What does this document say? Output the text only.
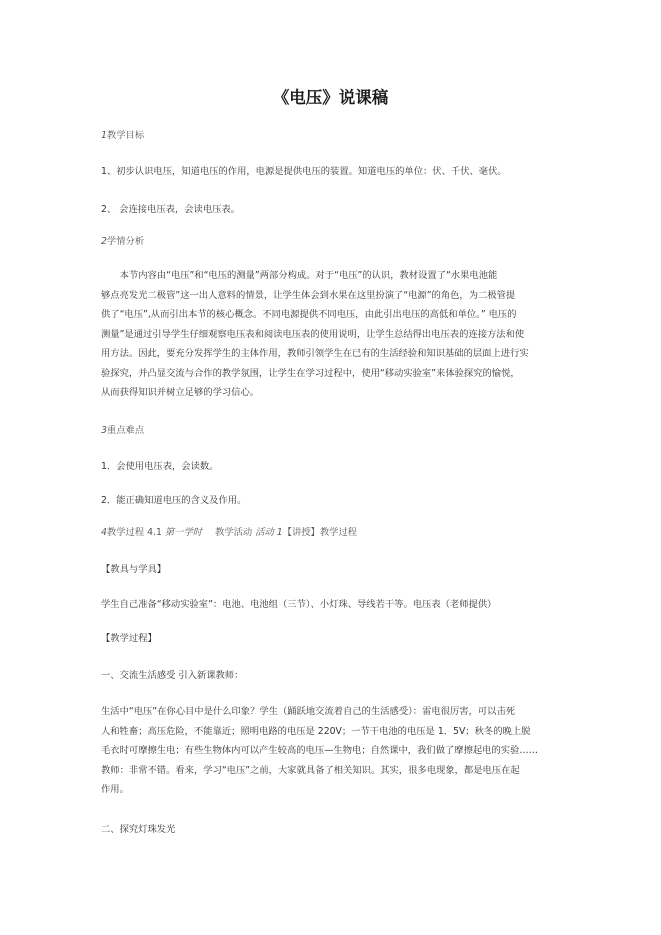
《电压》说课稿

1教学目标

1、初步认识电压，知道电压的作用，电源是提供电压的装置。知道电压的单位：伏、千伏、毫伏。

2、 会连接电压表，会读电压表。

2学情分析

　　本节内容由“电压”和“电压的测量”两部分构成。对于“电压”的认识，教材设置了“水果电池能
够点亮发光二极管”这一出人意料的情景，让学生体会到水果在这里扮演了“电源”的角色，为二极管提
供了“电压”,从而引出本节的核心概念。不同电源提供不同电压，由此引出电压的高低和单位。” 电压的
测量”是通过引导学生仔细观察电压表和阅读电压表的使用说明，让学生总结得出电压表的连接方法和使
用方法。因此，要充分发挥学生的主体作用，教师引领学生在已有的生活经验和知识基础的层面上进行实
验探究，并凸显交流与合作的教学氛围，让学生在学习过程中，使用“移动实验室”来体验探究的愉悦，
从而获得知识并树立足够的学习信心。

3重点难点

1．会使用电压表，会读数。

2．能正确知道电压的含义及作用。

4教学过程 4.1 第一学时 教学活动 活动 1【讲授】教学过程

【教具与学具】

学生自己准备“移动实验室”：电池、电池组（三节）、小灯珠、导线若干等。电压表（老师提供）

【教学过程】

一、交流生活感受 引入新课教师：

生活中“电压”在你心目中是什么印象？学生（踊跃地交流着自己的生活感受）：雷电很厉害，可以击死
人和牲畜；高压危险，不能靠近；照明电路的电压是 220V；一节干电池的电压是 1．5V；秋冬的晚上脱
毛衣时可摩擦生电；有些生物体内可以产生较高的电压—生物电；自然课中，我们做了摩擦起电的实验……
教师：非常不错。看来，学习“电压”之前，大家就具备了相关知识。其实，很多电现象，都是电压在起
作用。

二、探究灯珠发光
